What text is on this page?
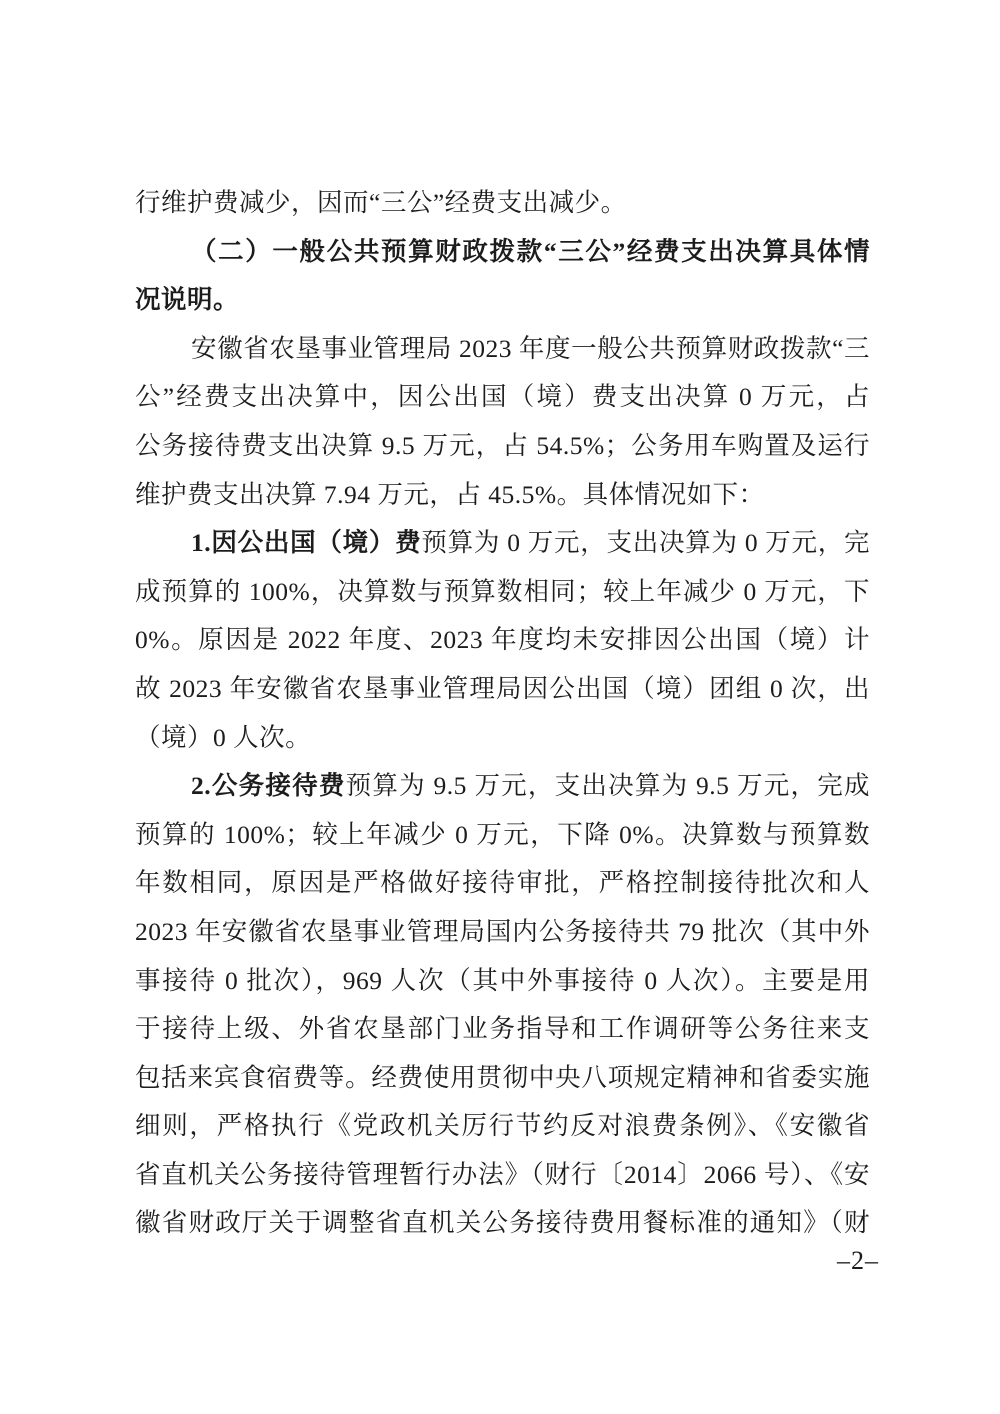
行维护费减少，因而“三公”经费支出减少。
（二）一般公共预算财政拨款“三公”经费支出决算具体情
况说明。
安徽省农垦事业管理局 2023 年度一般公共预算财政拨款“三
公”经费支出决算中，因公出国（境）费支出决算 0 万元，占
公务接待费支出决算 9.5 万元，占 54.5%；公务用车购置及运行
维护费支出决算 7.94 万元，占 45.5%。具体情况如下：
1.因公出国（境）费预算为 0 万元，支出决算为 0 万元，完
成预算的 100%，决算数与预算数相同；较上年减少 0 万元，下
0%。原因是 2022 年度、2023 年度均未安排因公出国（境）计
故 2023 年安徽省农垦事业管理局因公出国（境）团组 0 次，出
（境）0 人次。
2.公务接待费预算为 9.5 万元，支出决算为 9.5 万元，完成
预算的 100%；较上年减少 0 万元，下降 0%。决算数与预算数
年数相同，原因是严格做好接待审批，严格控制接待批次和人
2023 年安徽省农垦事业管理局国内公务接待共 79 批次（其中外
事接待 0 批次），969 人次（其中外事接待 0 人次）。主要是用
于接待上级、外省农垦部门业务指导和工作调研等公务往来支
包括来宾食宿费等。经费使用贯彻中央八项规定精神和省委实施
细则，严格执行《党政机关厉行节约反对浪费条例》、《安徽省
省直机关公务接待管理暂行办法》（财行〔2014〕2066 号）、《安
徽省财政厅关于调整省直机关公务接待费用餐标准的通知》（财
–2–
